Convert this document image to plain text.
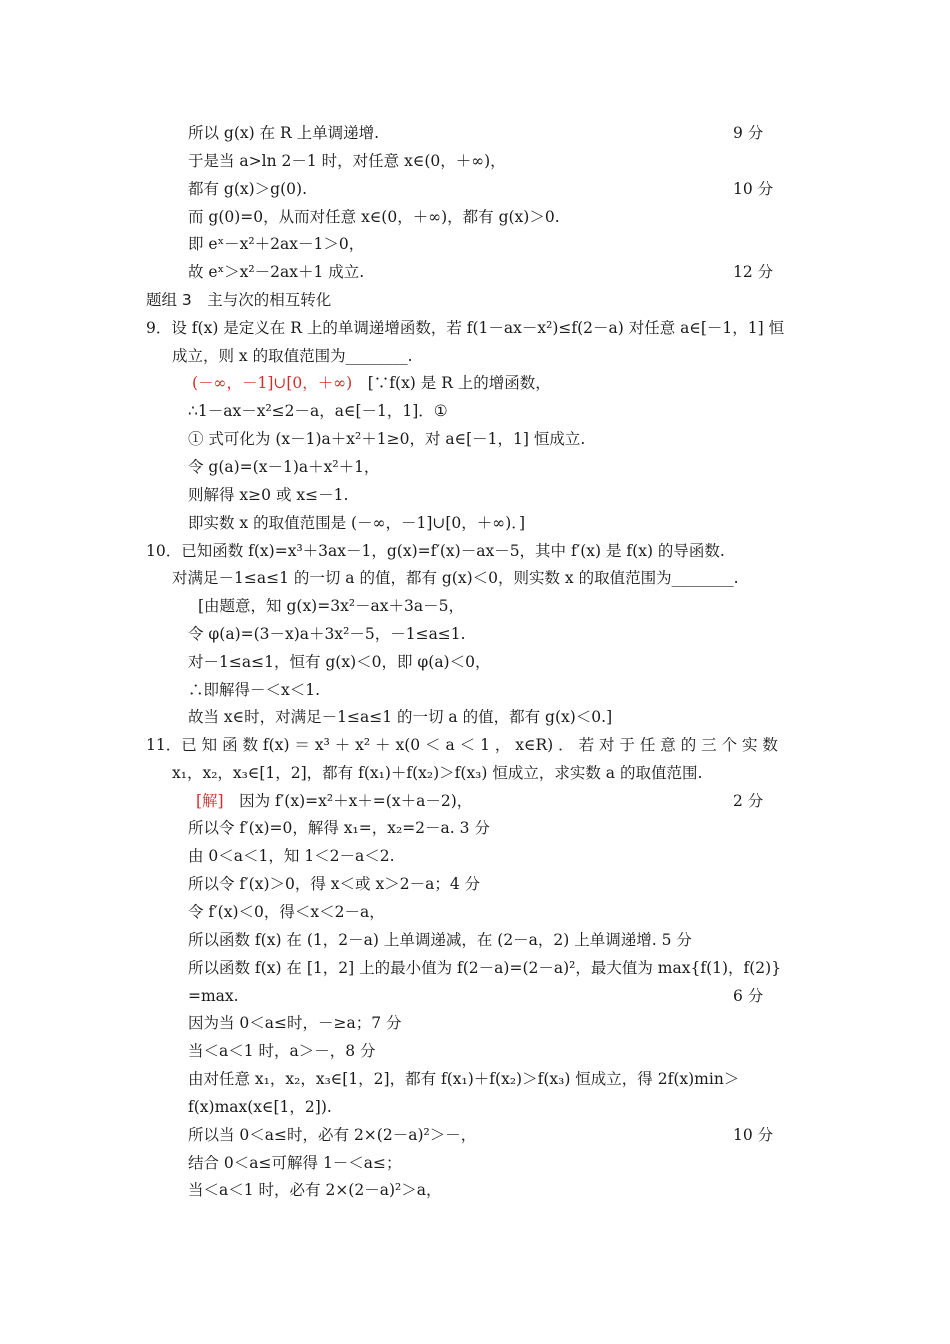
所以 g(x) 在 R 上单调递增.	9 分
于是当 a>ln 2－1 时，对任意 x∈(0，＋∞)，
都有 g(x)＞g(0).	10 分
而 g(0)=0，从而对任意 x∈(0，＋∞)，都有 g(x)＞0.
即 eˣ－x²＋2ax－1＞0，
故 eˣ＞x²－2ax＋1 成立.	12 分
题组 3　主与次的相互转化
9．设 f(x) 是定义在 R 上的单调递增函数，若 f(1－ax－x²)≤f(2－a) 对任意 a∈[－1，1] 恒
成立，则 x 的取值范围为________.
(－∞，－1]∪[0，＋∞)　[∵f(x) 是 R 上的增函数，
∴1－ax－x²≤2－a，a∈[－1，1]．①
① 式可化为 (x－1)a＋x²＋1≥0，对 a∈[－1，1] 恒成立.
令 g(a)=(x－1)a＋x²＋1，
则解得 x≥0 或 x≤－1.
即实数 x 的取值范围是 (－∞，－1]∪[0，＋∞)．]
10．已知函数 f(x)=x³＋3ax－1，g(x)=f′(x)－ax－5，其中 f′(x) 是 f(x) 的导函数.
对满足－1≤a≤1 的一切 a 的值，都有 g(x)＜0，则实数 x 的取值范围为________.
[由题意，知 g(x)=3x²－ax＋3a－5，
令 φ(a)=(3－x)a＋3x²－5，－1≤a≤1.
对－1≤a≤1，恒有 g(x)＜0，即 φ(a)＜0，
∴即解得－＜x＜1.
故当 x∈时，对满足－1≤a≤1 的一切 a 的值，都有 g(x)＜0.]
11．已 知 函 数 f(x) ＝ x³ ＋ x² ＋ x(0 ＜ a ＜ 1 ， x∈R) ． 若 对 于 任 意 的 三 个 实 数
x₁，x₂，x₃∈[1，2]，都有 f(x₁)＋f(x₂)＞f(x₃) 恒成立，求实数 a 的取值范围.
[解]　因为 f′(x)=x²＋x＋=(x＋a－2)，	2 分
所以令 f′(x)=0，解得 x₁=，x₂=2－a. 3 分
由 0＜a＜1，知 1＜2－a＜2.
所以令 f′(x)＞0，得 x＜或 x＞2－a；4 分
令 f′(x)＜0，得＜x＜2－a，
所以函数 f(x) 在 (1，2－a) 上单调递减，在 (2－a，2) 上单调递增. 5 分
所以函数 f(x) 在 [1，2] 上的最小值为 f(2－a)=(2－a)²，最大值为 max{f(1)，f(2)}
=max.	6 分
因为当 0＜a≤时，－≥a；7 分
当＜a＜1 时，a＞－，8 分
由对任意 x₁，x₂，x₃∈[1，2]，都有 f(x₁)＋f(x₂)＞f(x₃) 恒成立，得 2f(x)min＞
f(x)max(x∈[1，2]).
所以当 0＜a≤时，必有 2×(2－a)²＞－，	10 分
结合 0＜a≤可解得 1－＜a≤；
当＜a＜1 时，必有 2×(2－a)²＞a，
